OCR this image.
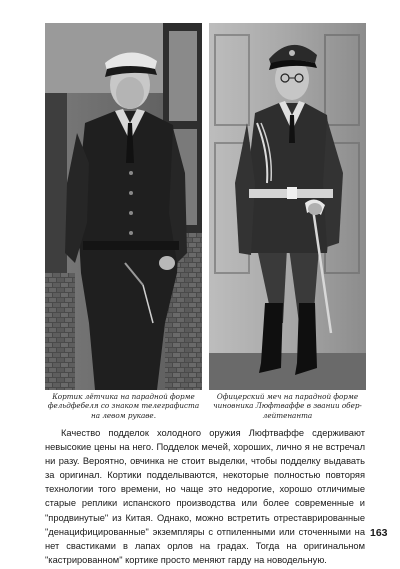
Кортик лётчика на парадной форме фельдфебеля со знаком телеграфиста на левом рукаве.
Офицерский меч на парадной форме чиновника Люфтваффе в звании обер-лейтенанта

Качество подделок холодного оружия Люфтваффе сдерживают невысокие цены на него. Подделок мечей, хороших, лично я не встречал ни разу. Вероятно, овчинка не стоит выделки, чтобы подделку выдавать за оригинал. Кортики подделываются, некоторые полностью повторяя технологии того времени, но чаще это недорогие, хорошо отличимые старые реплики испанского производства или более современные и "продвинутые" из Китая. Однако, можно встретить отреставрированные "денацифицированные" экземпляры с отпиленными или сточенными на нет свастиками в лапах орлов на градах. Тогда на оригинальном "кастрированном" кортике просто меняют гарду на новодельную.

163
